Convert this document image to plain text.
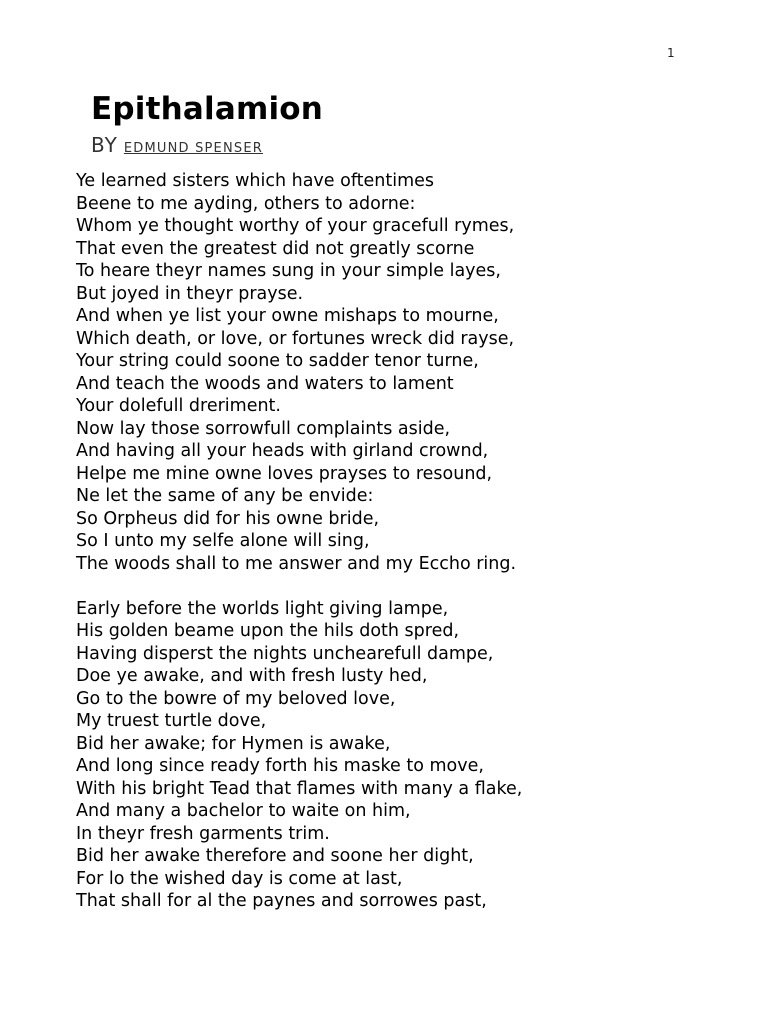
1
Epithalamion
BY EDMUND SPENSER
Ye learned sisters which have oftentimes
Beene to me ayding, others to adorne:
Whom ye thought worthy of your gracefull rymes,
That even the greatest did not greatly scorne
To heare theyr names sung in your simple layes,
But joyed in theyr prayse.
And when ye list your owne mishaps to mourne,
Which death, or love, or fortunes wreck did rayse,
Your string could soone to sadder tenor turne,
And teach the woods and waters to lament
Your dolefull dreriment.
Now lay those sorrowfull complaints aside,
And having all your heads with girland crownd,
Helpe me mine owne loves prayses to resound,
Ne let the same of any be envide:
So Orpheus did for his owne bride,
So I unto my selfe alone will sing,
The woods shall to me answer and my Eccho ring.
Early before the worlds light giving lampe,
His golden beame upon the hils doth spred,
Having disperst the nights unchearefull dampe,
Doe ye awake, and with fresh lusty hed,
Go to the bowre of my beloved love,
My truest turtle dove,
Bid her awake; for Hymen is awake,
And long since ready forth his maske to move,
With his bright Tead that flames with many a flake,
And many a bachelor to waite on him,
In theyr fresh garments trim.
Bid her awake therefore and soone her dight,
For lo the wished day is come at last,
That shall for al the paynes and sorrowes past,
